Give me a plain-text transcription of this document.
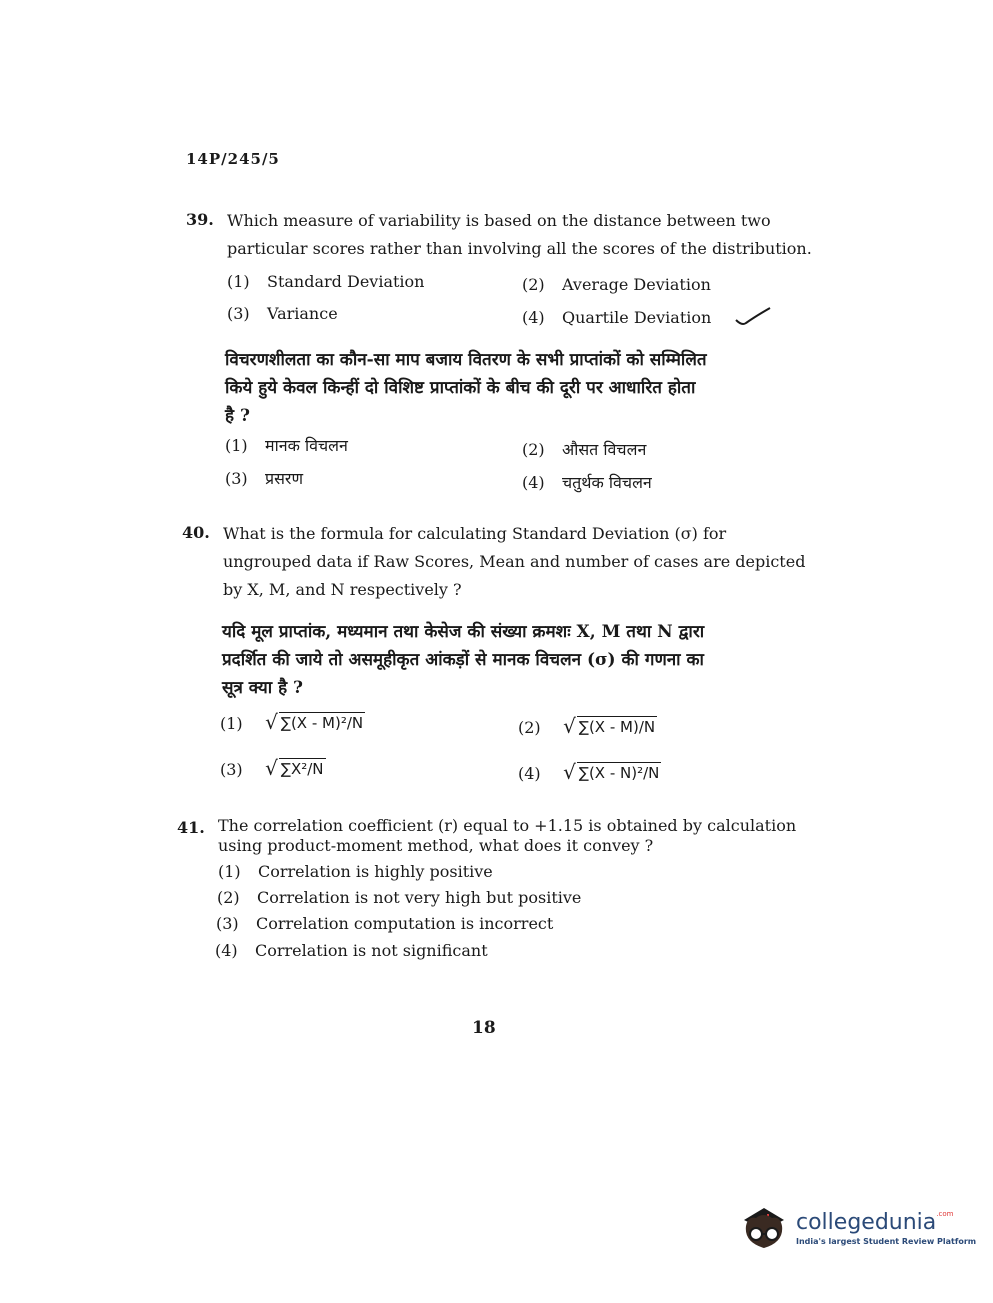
14P/245/5
39. Which measure of variability is based on the distance between two
particular scores rather than involving all the scores of the distribution.
(1) Standard Deviation	(2) Average Deviation
(3) Variance	(4) Quartile Deviation
विचरणशीलता का कौन-सा माप बजाय वितरण के सभी प्राप्तांकों को सम्मिलित
किये हुये केवल किन्हीं दो विशिष्ट प्राप्तांकों के बीच की दूरी पर आधारित होता
है ?
(1) मानक विचलन	(2) औसत विचलन
(3) प्रसरण	(4) चतुर्थक विचलन
40. What is the formula for calculating Standard Deviation (σ) for
ungrouped data if Raw Scores, Mean and number of cases are depicted
by X, M, and N respectively ?
यदि मूल प्राप्तांक, मध्यमान तथा केसेज की संख्या क्रमशः X, M तथा N द्वारा
प्रदर्शित की जाये तो असमूहीकृत आंकड़ों से मानक विचलन (σ) की गणना का
सूत्र क्या है ?
(1) √ ∑(X - M)²/N	(2) √ ∑(X - M)/N
(3) √ ∑X²/N	(4) √ ∑(X - N)²/N
41. The correlation coefficient (r) equal to +1.15 is obtained by calculation
using product-moment method, what does it convey ?
(1) Correlation is highly positive
(2) Correlation is not very high but positive
(3) Correlation computation is incorrect
(4) Correlation is not significant
18
collegedunia$^{.com}$
India's largest Student Review Platform
